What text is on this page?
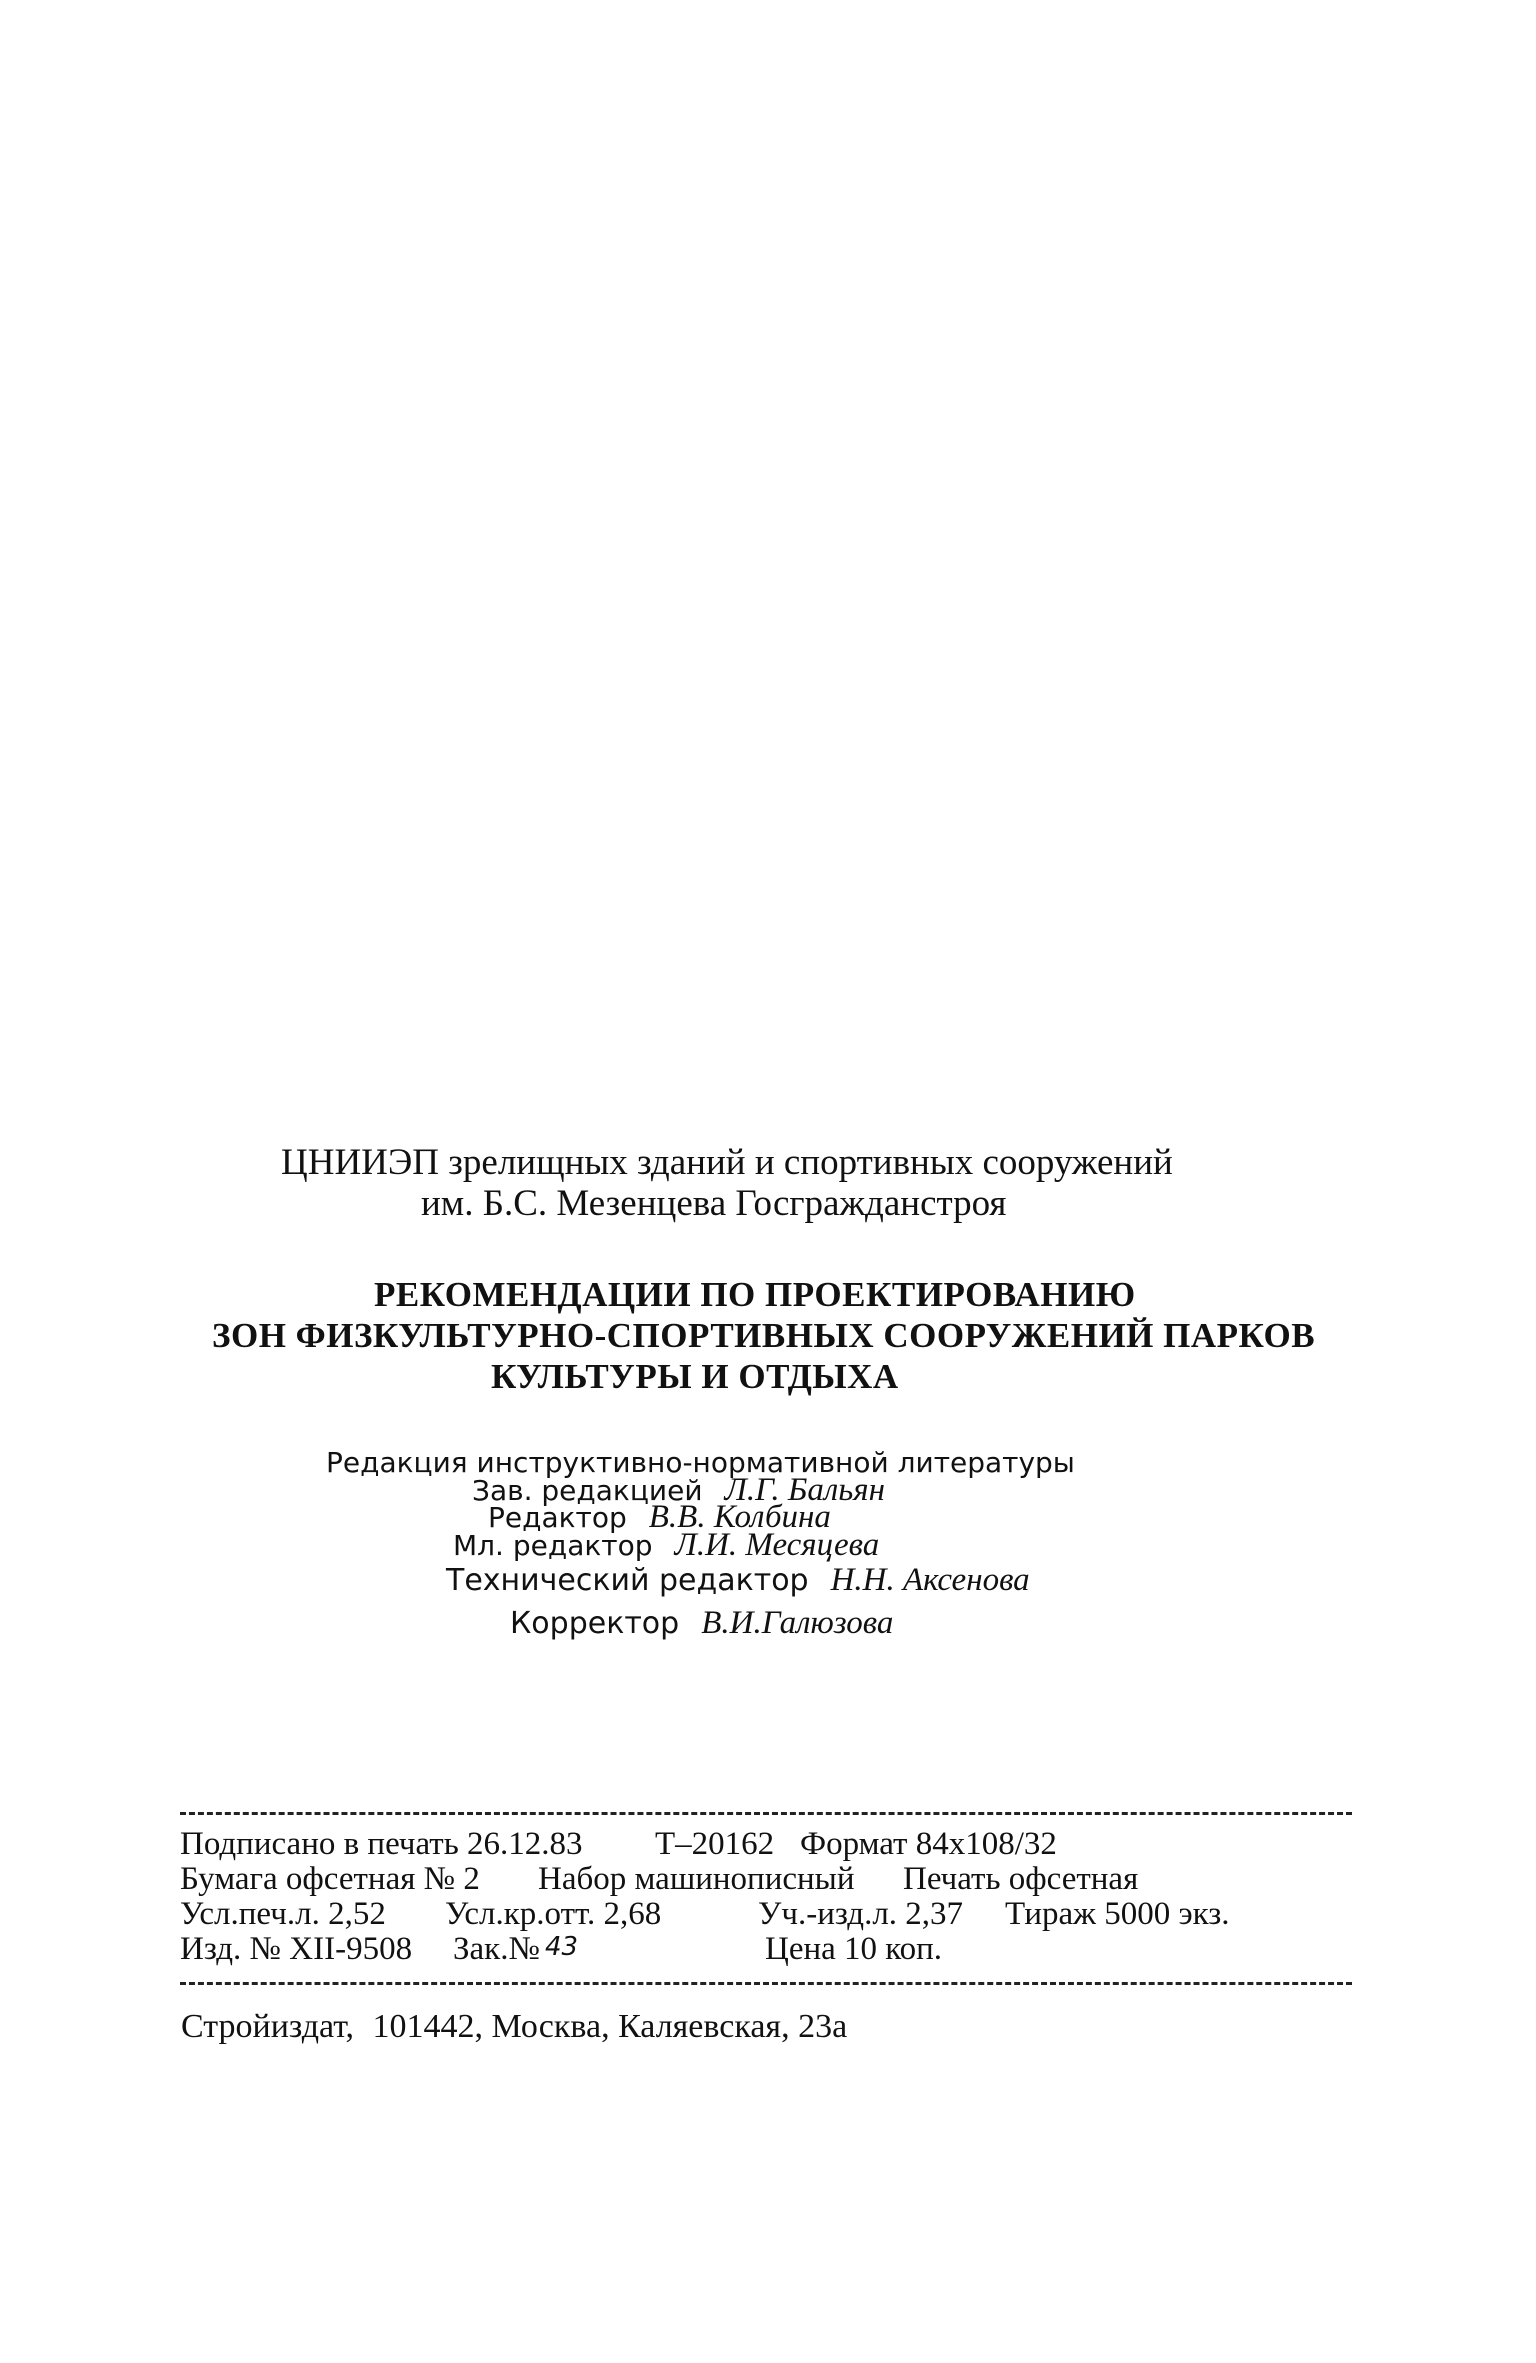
ЦНИИЭП зрелищных зданий и спортивных сооружений
им. Б.С. Мезенцева Госгражданстроя
РЕКОМЕНДАЦИИ ПО ПРОЕКТИРОВАНИЮ
ЗОН ФИЗКУЛЬТУРНО-СПОРТИВНЫХ СООРУЖЕНИЙ ПАРКОВ
КУЛЬТУРЫ И ОТДЫХА
Редакция инструктивно-нормативной литературы
Зав. редакцией Л.Г. Бальян
Редактор В.В. Колбина
Мл. редактор Л.И. Месяцева
Технический редактор Н.Н. Аксенова
Корректор В.И.Галюзова
Подписано в печать 26.12.83 Т–20162 Формат 84x108/32
Бумага офсетная № 2 Набор машинописный Печать офсетная
Усл.печ.л. 2,52 Усл.кр.отт. 2,68	Уч.-изд.л. 2,37 Тираж 5000 экз.
Изд. № XII-9508 Зак.№ 43	Цена 10 коп.
Стройиздат, 101442, Москва, Каляевская, 23а
